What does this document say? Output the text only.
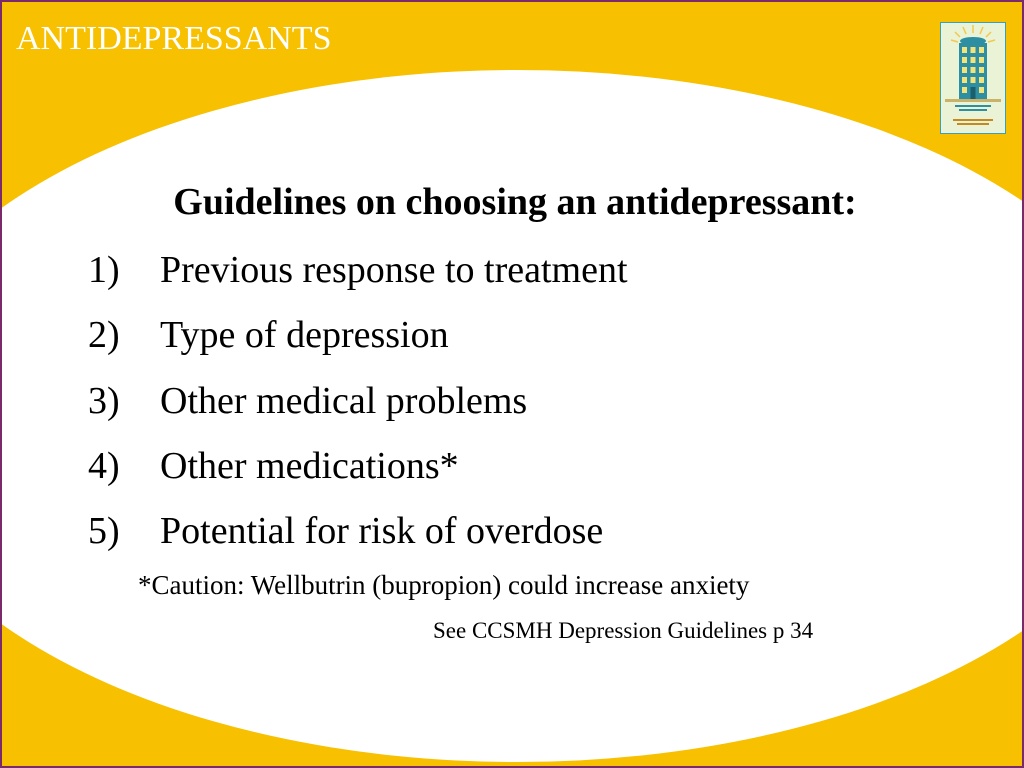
ANTIDEPRESSANTS
Guidelines on choosing an antidepressant:
1) Previous response to treatment
2) Type of depression
3) Other medical problems
4) Other medications*
5) Potential for risk of overdose
*Caution: Wellbutrin (bupropion) could increase anxiety
See CCSMH Depression Guidelines p 34
